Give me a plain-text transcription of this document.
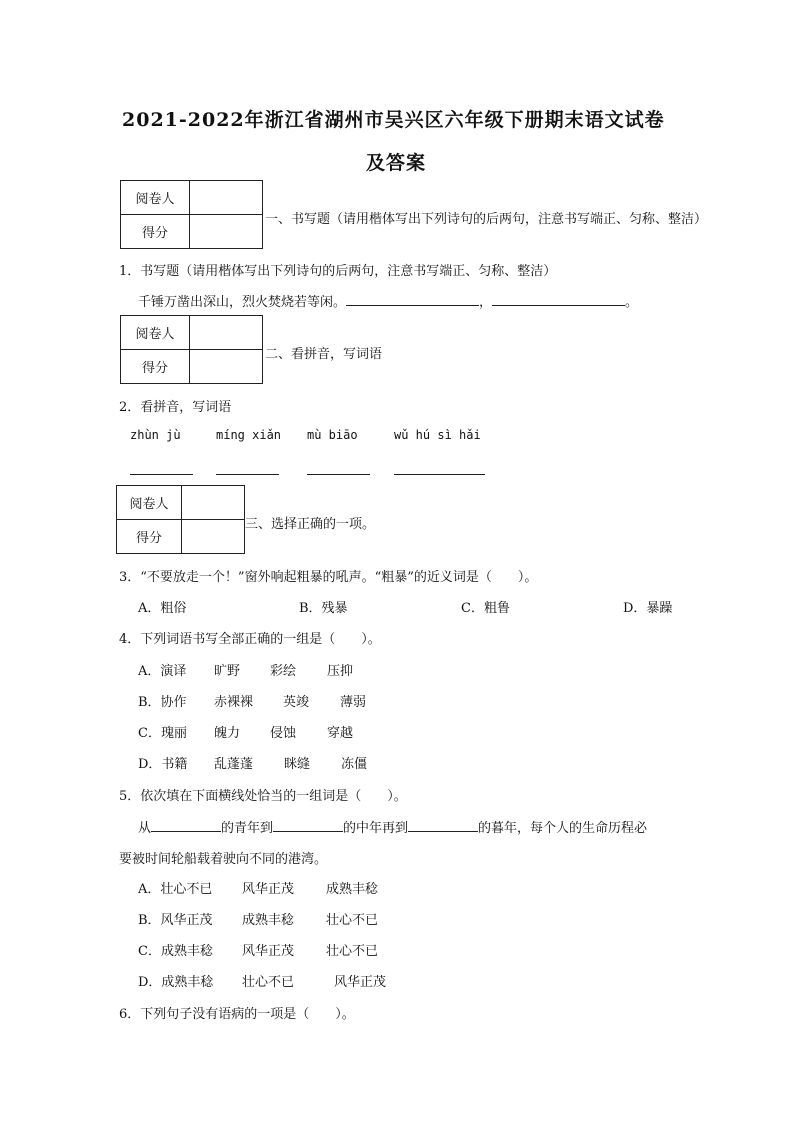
2021-2022年浙江省湖州市吴兴区六年级下册期末语文试卷
及答案
阅卷人	
得分	
一、书写题（请用楷体写出下列诗句的后两句，注意书写端正、匀称、整洁）
1．书写题（请用楷体写出下列诗句的后两句，注意书写端正、匀称、整洁）
千锤万凿出深山，烈火焚烧若等闲。	，	。
阅卷人	
得分	
二、看拼音，写词语
2．看拼音，写词语
zhùn jù	míng xiǎn mù biāo	wǔ hú sì hǎi
阅卷人	
得分	
三、选择正确的一项。
3．“不要放走一个！”窗外响起粗暴的吼声。“粗暴”的近义词是（　　）。
A．粗俗	B．残暴	C．粗鲁	D．暴躁
4．下列词语书写全部正确的一组是（　　）。
A．演译 旷野 彩绘 压抑
B．协作 赤裸裸 英竣 薄弱
C．瑰丽 魄力 侵蚀 穿越
D．书籍 乱蓬蓬 眯缝 冻僵
5．依次填在下面横线处恰当的一组词是（　　）。
从	的青年到	的中年再到	的暮年，每个人的生命历程必
要被时间轮船载着驶向不同的港湾。
A．壮心不已 风华正茂 成熟丰稔
B．风华正茂 成熟丰稔 壮心不已
C．成熟丰稔 风华正茂 壮心不已
D．成熟丰稔 壮心不已	风华正茂
6．下列句子没有语病的一项是（　　）。
